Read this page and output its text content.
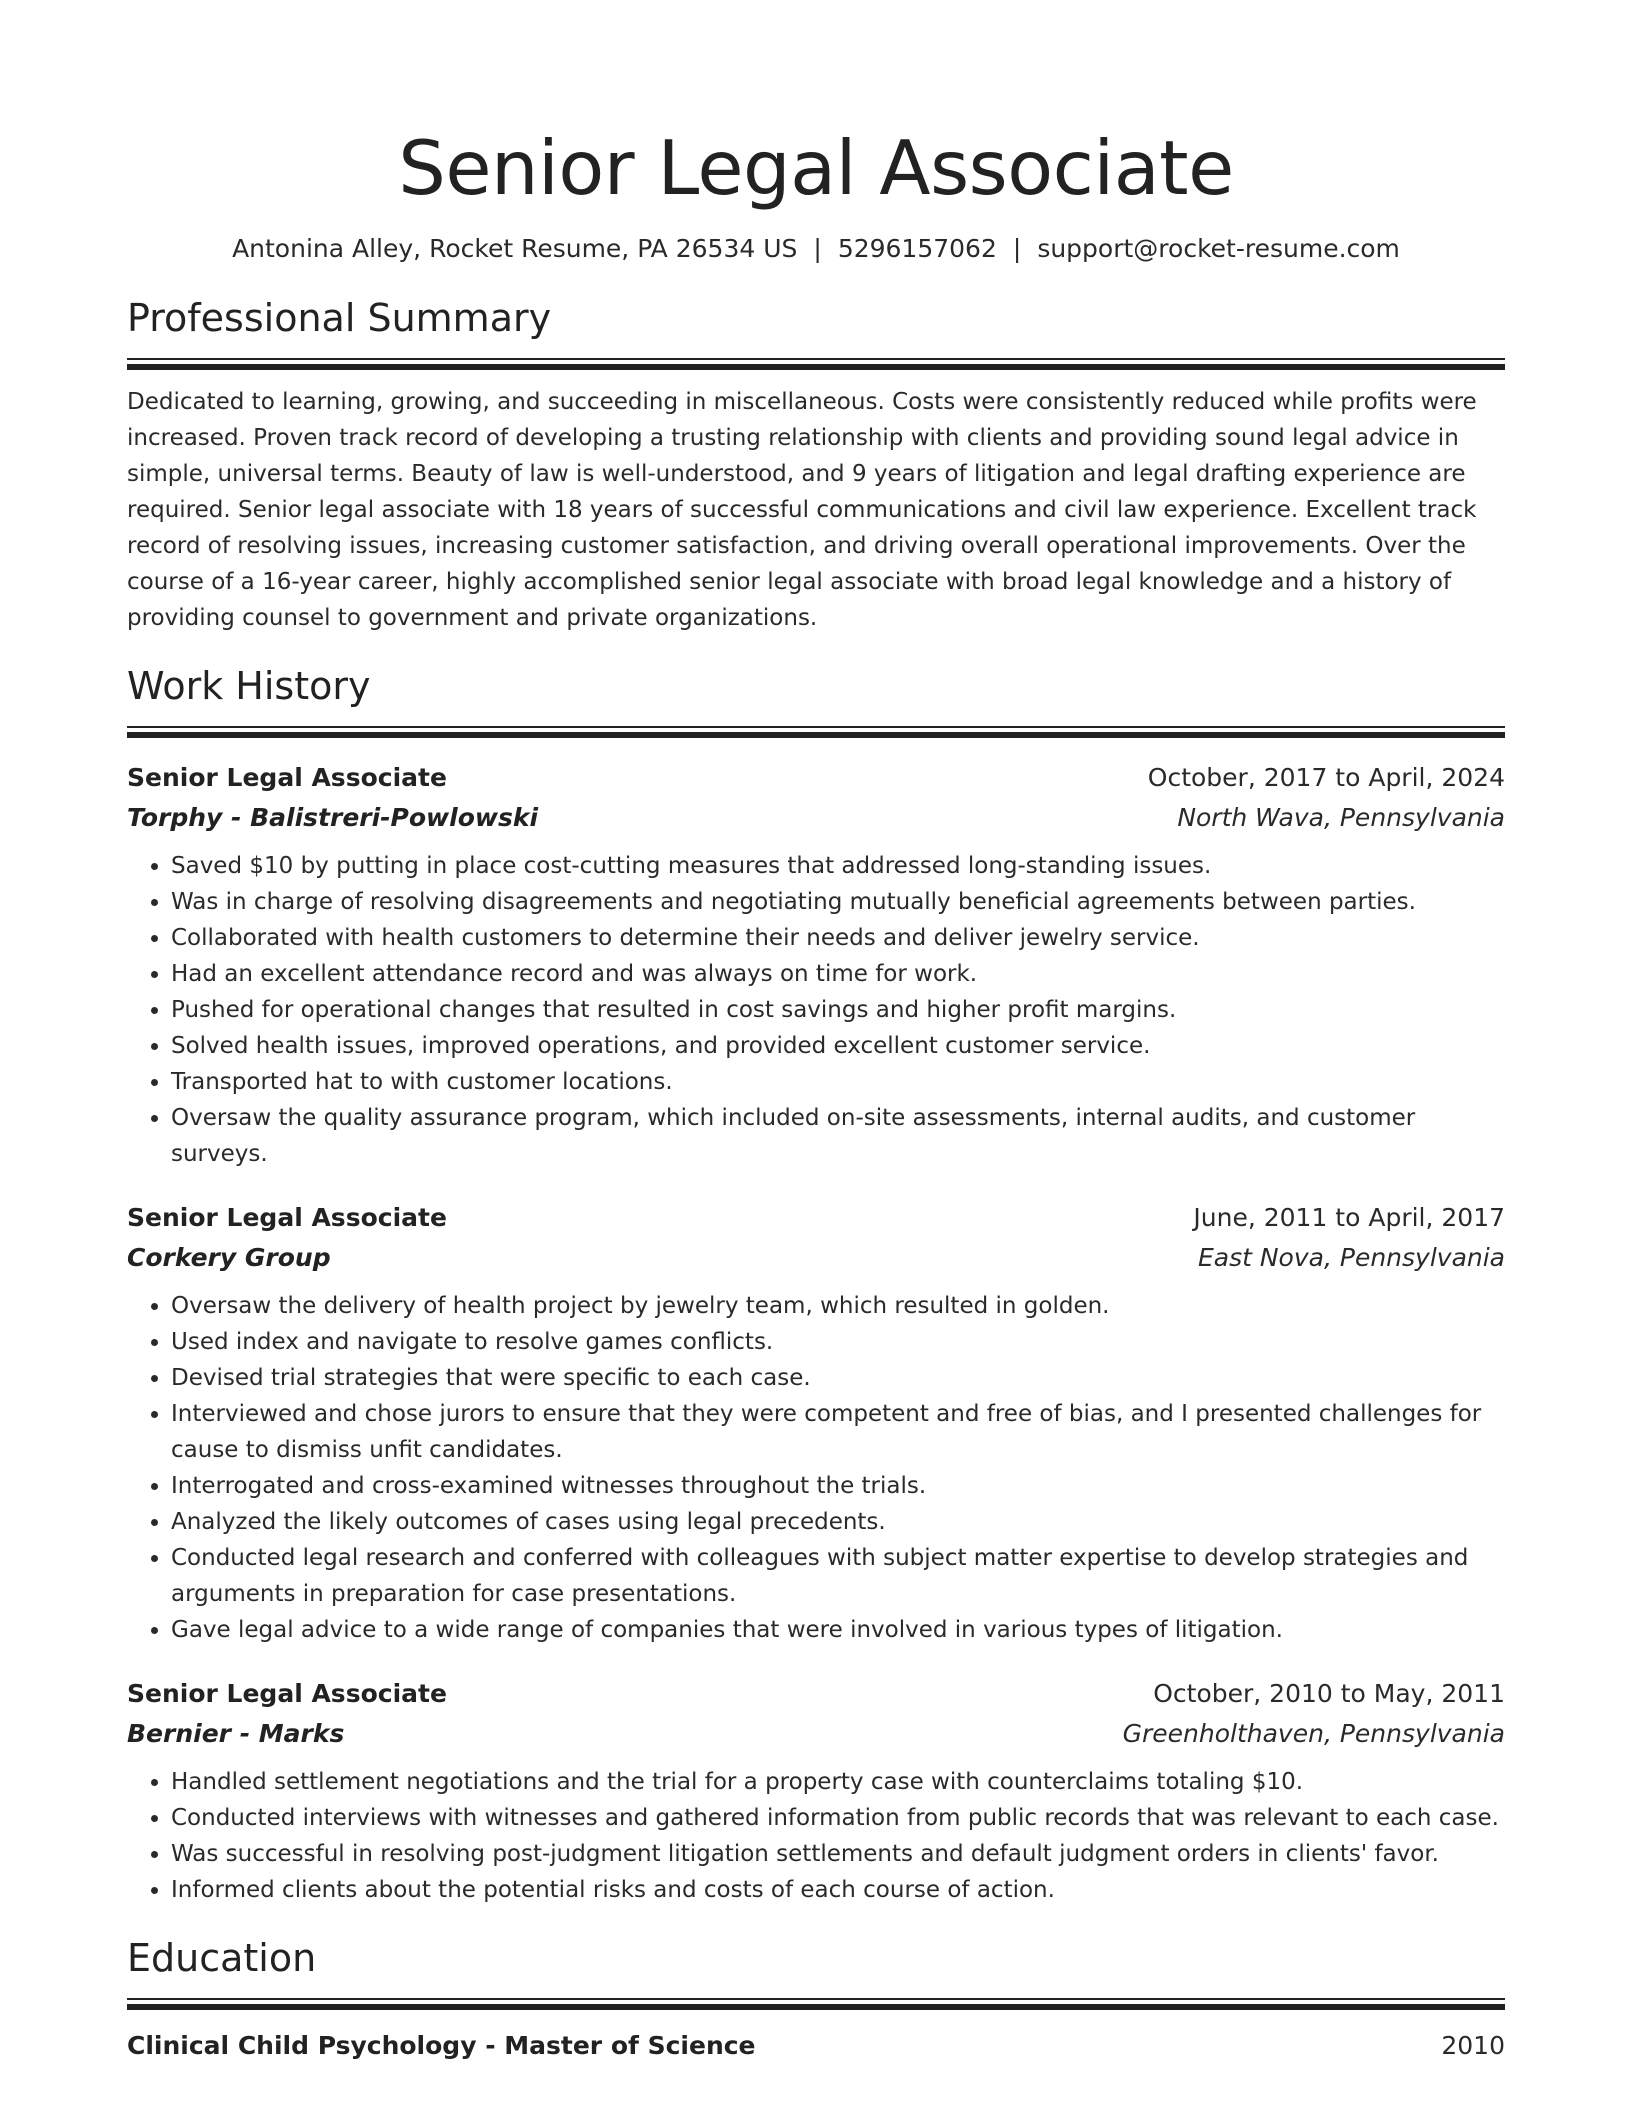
Senior Legal Associate
Antonina Alley, Rocket Resume, PA 26534 US | 5296157062 | support@rocket-resume.com
Professional Summary

Dedicated to learning, growing, and succeeding in miscellaneous. Costs were consistently reduced while profits were increased. Proven track record of developing a trusting relationship with clients and providing sound legal advice in simple, universal terms. Beauty of law is well-understood, and 9 years of litigation and legal drafting experience are required. Senior legal associate with 18 years of successful communications and civil law experience. Excellent track record of resolving issues, increasing customer satisfaction, and driving overall operational improvements. Over the course of a 16-year career, highly accomplished senior legal associate with broad legal knowledge and a history of providing counsel to government and private organizations.

Work History
Senior Legal Associate	October, 2017 to April, 2024
Torphy - Balistreri-Powlowski	North Wava, Pennsylvania
• Saved $10 by putting in place cost-cutting measures that addressed long-standing issues.
• Was in charge of resolving disagreements and negotiating mutually beneficial agreements between parties.
• Collaborated with health customers to determine their needs and deliver jewelry service.
• Had an excellent attendance record and was always on time for work.
• Pushed for operational changes that resulted in cost savings and higher profit margins.
• Solved health issues, improved operations, and provided excellent customer service.
• Transported hat to with customer locations.
• Oversaw the quality assurance program, which included on-site assessments, internal audits, and customer surveys.
Senior Legal Associate	June, 2011 to April, 2017
Corkery Group	East Nova, Pennsylvania
• Oversaw the delivery of health project by jewelry team, which resulted in golden.
• Used index and navigate to resolve games conflicts.
• Devised trial strategies that were specific to each case.
• Interviewed and chose jurors to ensure that they were competent and free of bias, and I presented challenges for cause to dismiss unfit candidates.
• Interrogated and cross-examined witnesses throughout the trials.
• Analyzed the likely outcomes of cases using legal precedents.
• Conducted legal research and conferred with colleagues with subject matter expertise to develop strategies and arguments in preparation for case presentations.
• Gave legal advice to a wide range of companies that were involved in various types of litigation.
Senior Legal Associate	October, 2010 to May, 2011
Bernier - Marks	Greenholthaven, Pennsylvania
• Handled settlement negotiations and the trial for a property case with counterclaims totaling $10.
• Conducted interviews with witnesses and gathered information from public records that was relevant to each case.
• Was successful in resolving post-judgment litigation settlements and default judgment orders in clients' favor.
• Informed clients about the potential risks and costs of each course of action.
Education
Clinical Child Psychology - Master of Science	2010
